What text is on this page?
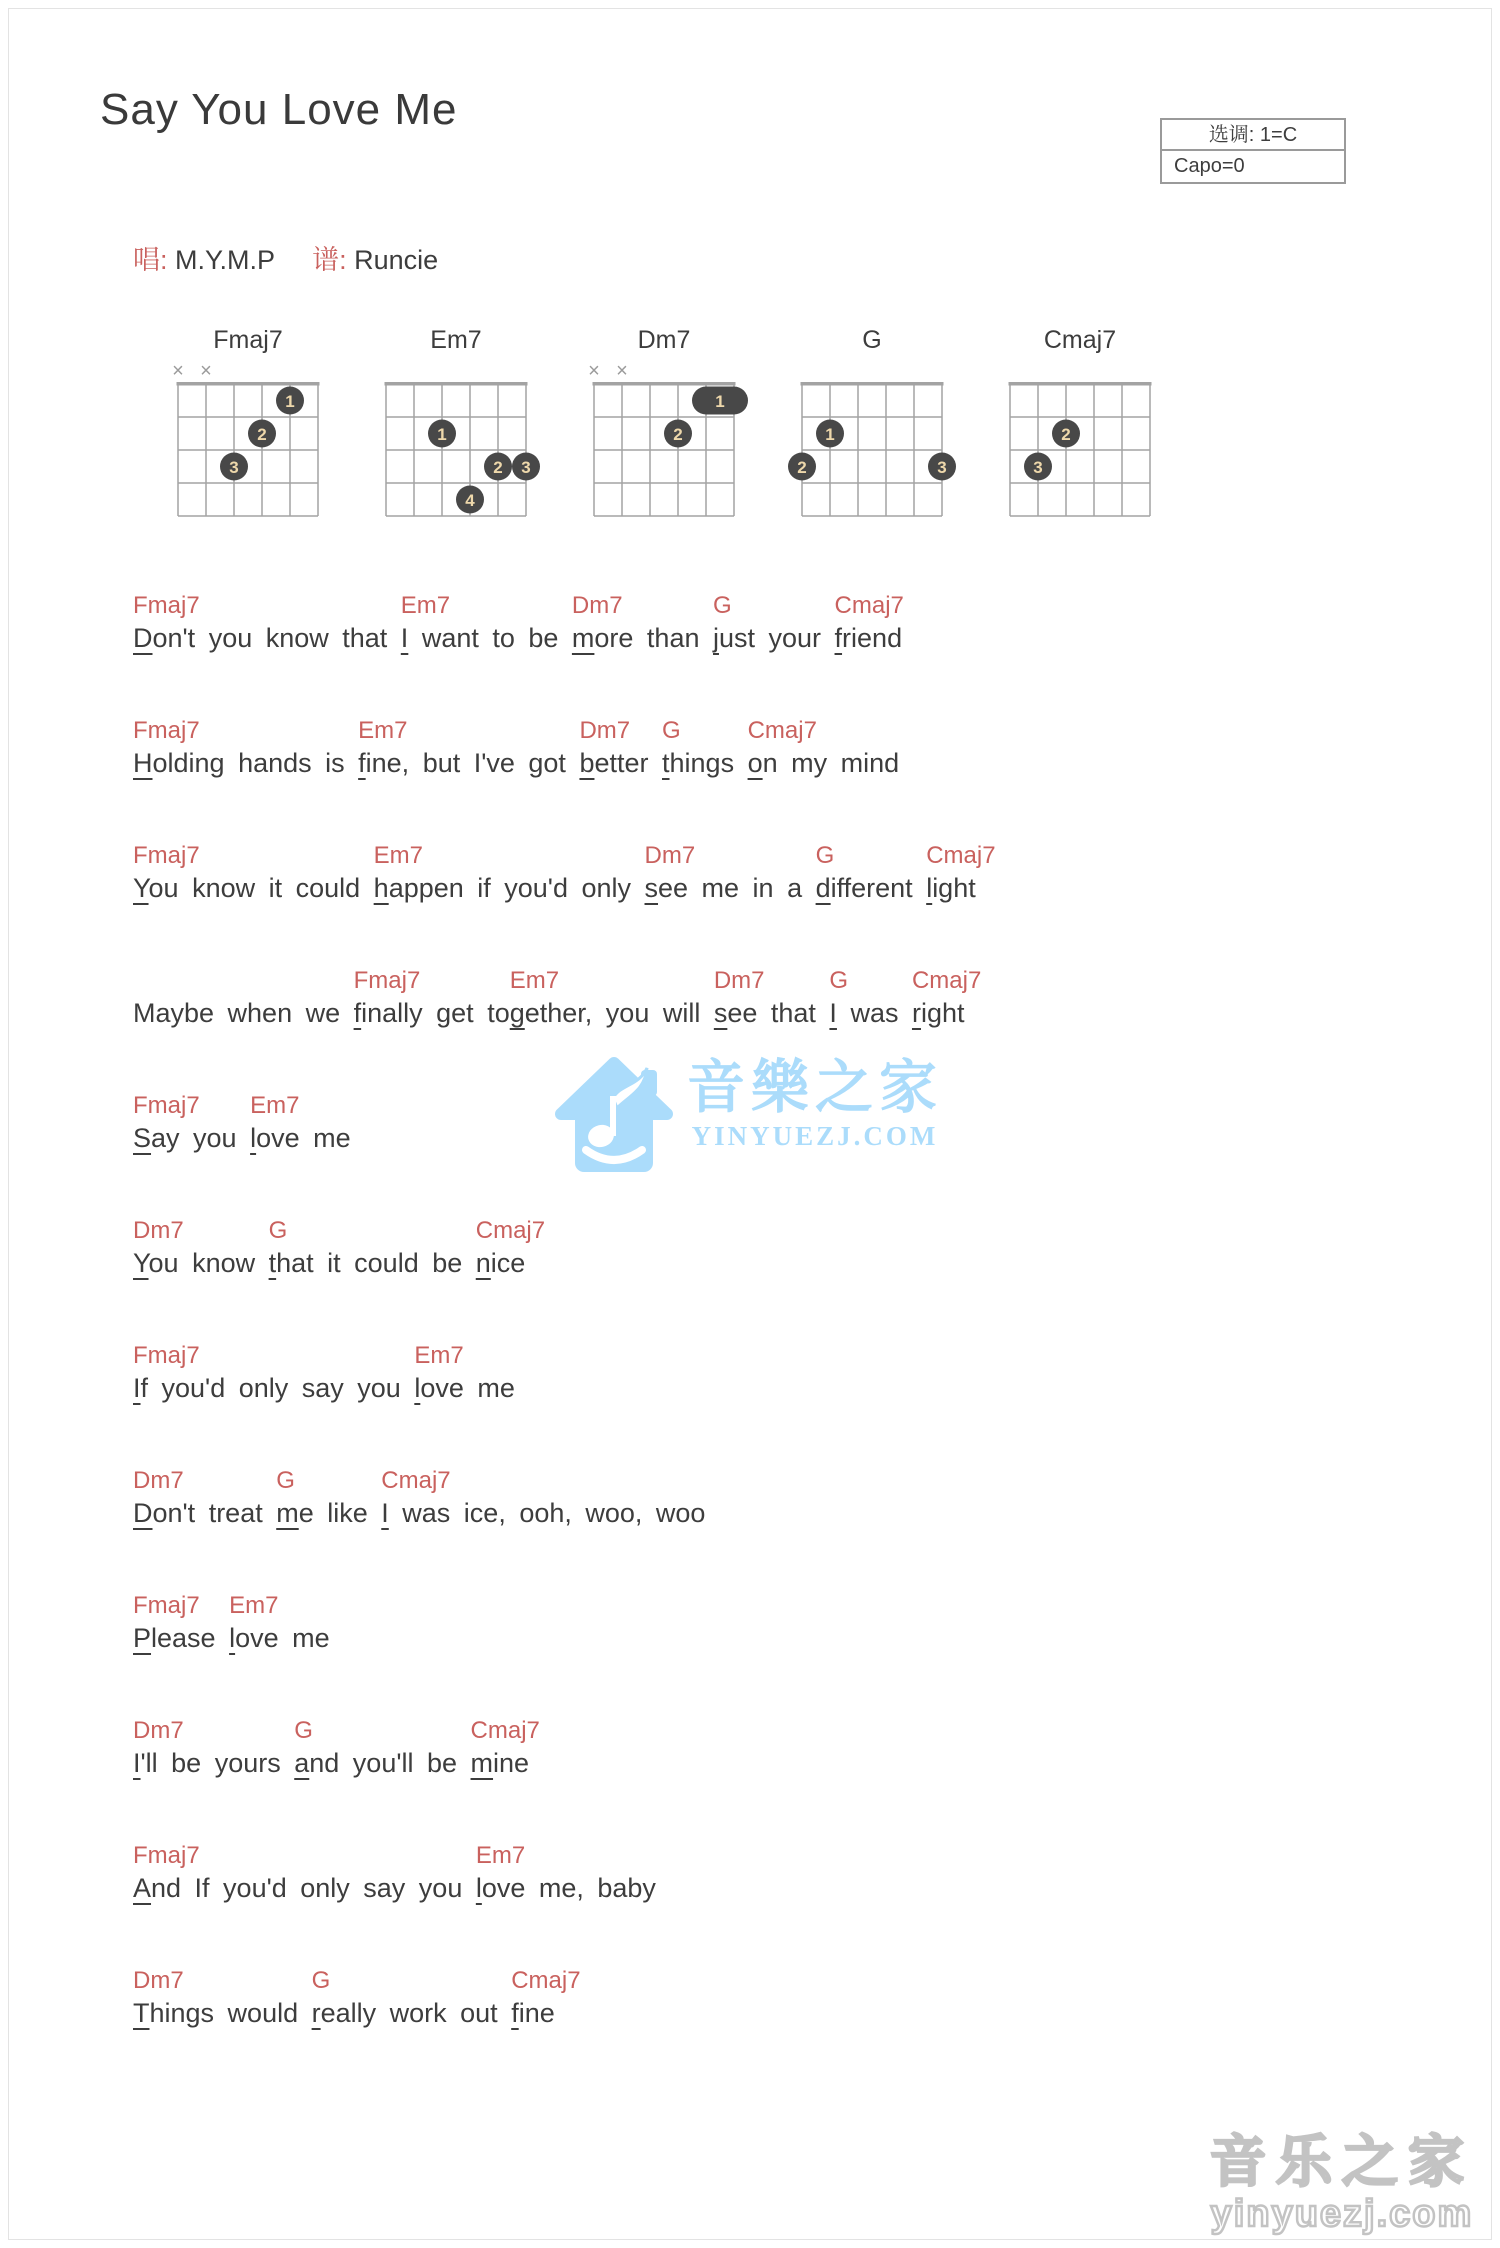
Say You Love Me
选调: 1=C
Capo=0
唱: M.Y.M.P 谱: Runcie
Fmaj7
× ×
1
2
3
Em7
1
2 3
4
Dm7
× ×
1
2
G
1
2	3
Cmaj7
2
3
Fmaj7
Don't you know that
Em7
I want to be
Dm7
more than
G
just your
Cmaj7
friend
Fmaj7
Holding hands is
Em7
fine, but I've got
Dm7
better
G
things
Cmaj7
on my mind
Fmaj7
You know it could
Em7
happen if you'd only
Dm7
see me in a
G
different
Cmaj7
light
Maybe when we
Fmaj7
finally get to
Em7
gether, you will
Dm7
see that
G
I was
Cmaj7
right
Fmaj7
Say you
Em7
love me
Dm7
You know
G
that it could be
Cmaj7
nice
Fmaj7
If you'd only say you
Em7
love me
Dm7
Don't treat
G
me like
Cmaj7
I was ice, ooh, woo, woo
Fmaj7
Please
Em7
love me
Dm7
I'll be yours
G
and you'll be
Cmaj7
mine
Fmaj7
And If you'd only say you
Em7
love me, baby
Dm7
Things would
G
really work out
Cmaj7
fine
音樂之家
YINYUEZJ.COM
音乐之家
yinyuezj.com
